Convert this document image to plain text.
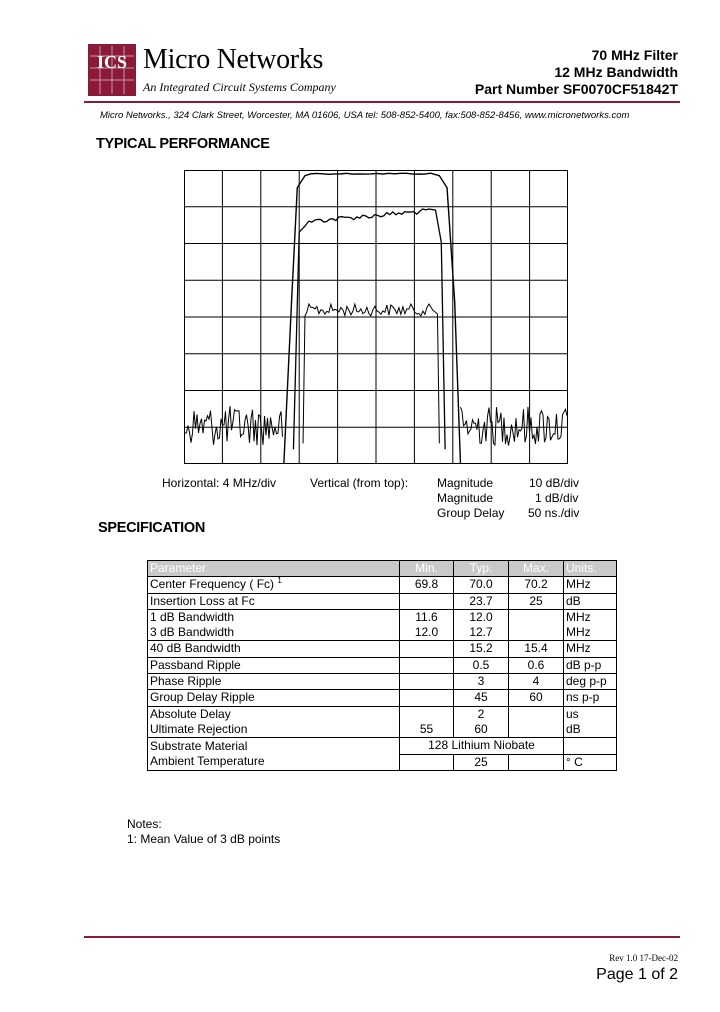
ICS Micro Networks
An Integrated Circuit Systems Company
70 MHz Filter
12 MHz Bandwidth
Part Number SF0070CF51842T
Micro Networks., 324 Clark Street, Worcester, MA 01606, USA tel: 508-852-5400, fax:508-852-8456, www.micronetworks.com
TYPICAL PERFORMANCE
Horizontal: 4 MHz/div	Vertical (from top): Magnitude
Magnitude
Group Delay
10 dB/div
1 dB/div
50 ns./div
SPECIFICATION
Parameter	Min.	Typ.	Max.	Units.
Center Frequency ( Fc) $^1$	69.8	70.0	70.2	MHz
Insertion Loss at Fc		23.7	25	dB
1 dB Bandwidth	11.6	12.0		MHz
3 dB Bandwidth	12.0	12.7		MHz
40 dB Bandwidth		15.2	15.4	MHz
Passband Ripple		0.5	0.6	dB p-p
Phase Ripple		3	4	deg p-p
Group Delay Ripple		45	60	ns p-p
Absolute Delay		2		us
Ultimate Rejection	55	60		dB
Substrate Material	128 Lithium Niobate			
Ambient Temperature		25		° C
Notes:
1: Mean Value of 3 dB points
Rev 1.0 17-Dec-02
Page 1 of 2
